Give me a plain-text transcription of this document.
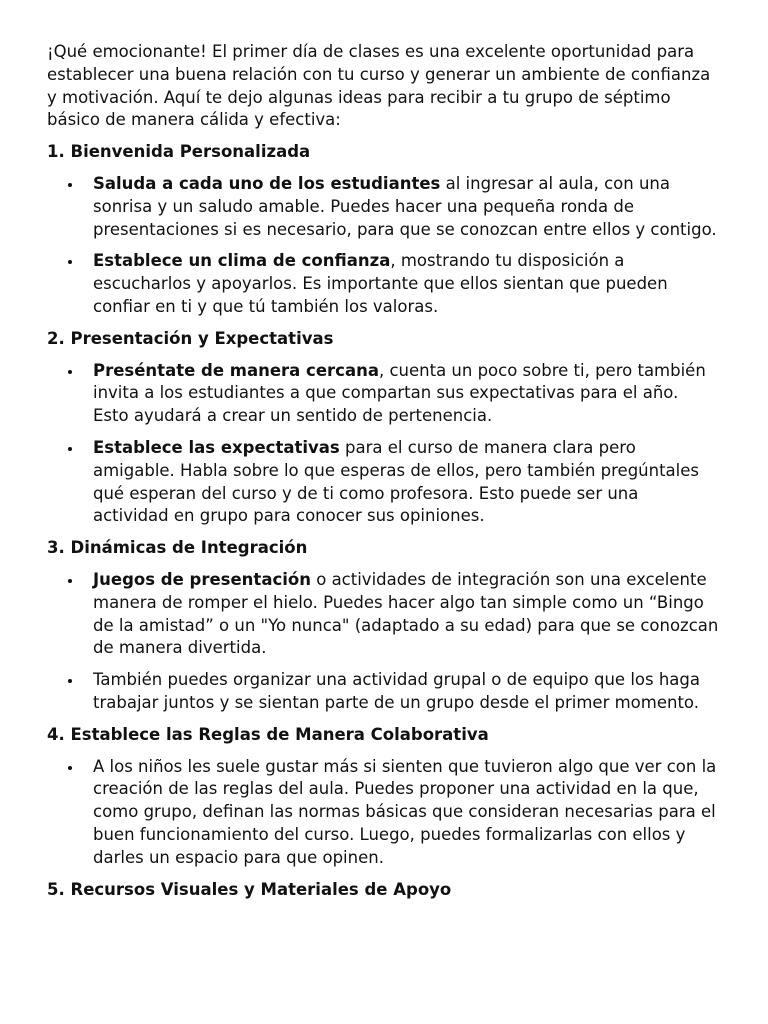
¡Qué emocionante! El primer día de clases es una excelente oportunidad para establecer una buena relación con tu curso y generar un ambiente de confianza y motivación. Aquí te dejo algunas ideas para recibir a tu grupo de séptimo básico de manera cálida y efectiva:

1. Bienvenida Personalizada
Saluda a cada uno de los estudiantes al ingresar al aula, con una sonrisa y un saludo amable. Puedes hacer una pequeña ronda de presentaciones si es necesario, para que se conozcan entre ellos y contigo.
Establece un clima de confianza, mostrando tu disposición a escucharlos y apoyarlos. Es importante que ellos sientan que pueden confiar en ti y que tú también los valoras.
2. Presentación y Expectativas
Preséntate de manera cercana, cuenta un poco sobre ti, pero también invita a los estudiantes a que compartan sus expectativas para el año. Esto ayudará a crear un sentido de pertenencia.
Establece las expectativas para el curso de manera clara pero amigable. Habla sobre lo que esperas de ellos, pero también pregúntales qué esperan del curso y de ti como profesora. Esto puede ser una actividad en grupo para conocer sus opiniones.
3. Dinámicas de Integración
Juegos de presentación o actividades de integración son una excelente manera de romper el hielo. Puedes hacer algo tan simple como un “Bingo de la amistad” o un "Yo nunca" (adaptado a su edad) para que se conozcan de manera divertida.
También puedes organizar una actividad grupal o de equipo que los haga trabajar juntos y se sientan parte de un grupo desde el primer momento.
4. Establece las Reglas de Manera Colaborativa
A los niños les suele gustar más si sienten que tuvieron algo que ver con la creación de las reglas del aula. Puedes proponer una actividad en la que, como grupo, definan las normas básicas que consideran necesarias para el buen funcionamiento del curso. Luego, puedes formalizarlas con ellos y darles un espacio para que opinen.
5. Recursos Visuales y Materiales de Apoyo
